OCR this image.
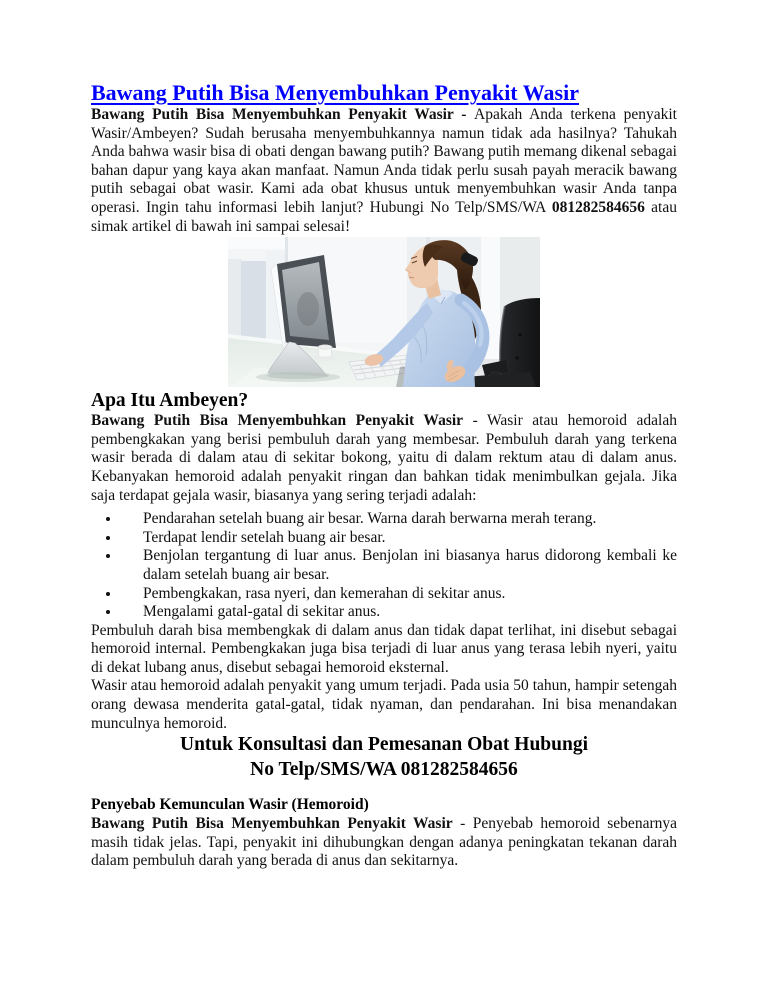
Bawang Putih Bisa Menyembuhkan Penyakit Wasir

Bawang Putih Bisa Menyembuhkan Penyakit Wasir - Apakah Anda terkena penyakit Wasir/Ambeyen? Sudah berusaha menyembuhkannya namun tidak ada hasilnya? Tahukah Anda bahwa wasir bisa di obati dengan bawang putih? Bawang putih memang dikenal sebagai bahan dapur yang kaya akan manfaat. Namun Anda tidak perlu susah payah meracik bawang putih sebagai obat wasir. Kami ada obat khusus untuk menyembuhkan wasir Anda tanpa operasi. Ingin tahu informasi lebih lanjut? Hubungi No Telp/SMS/WA 081282584656 atau simak artikel di bawah ini sampai selesai!

Apa Itu Ambeyen?

Bawang Putih Bisa Menyembuhkan Penyakit Wasir - Wasir atau hemoroid adalah pembengkakan yang berisi pembuluh darah yang membesar. Pembuluh darah yang terkena wasir berada di dalam atau di sekitar bokong, yaitu di dalam rektum atau di dalam anus. Kebanyakan hemoroid adalah penyakit ringan dan bahkan tidak menimbulkan gejala. Jika saja terdapat gejala wasir, biasanya yang sering terjadi adalah:

• Pendarahan setelah buang air besar. Warna darah berwarna merah terang.
• Terdapat lendir setelah buang air besar.
• Benjolan tergantung di luar anus. Benjolan ini biasanya harus didorong kembali ke dalam setelah buang air besar.
• Pembengkakan, rasa nyeri, dan kemerahan di sekitar anus.
• Mengalami gatal-gatal di sekitar anus.

Pembuluh darah bisa membengkak di dalam anus dan tidak dapat terlihat, ini disebut sebagai hemoroid internal. Pembengkakan juga bisa terjadi di luar anus yang terasa lebih nyeri, yaitu di dekat lubang anus, disebut sebagai hemoroid eksternal.

Wasir atau hemoroid adalah penyakit yang umum terjadi. Pada usia 50 tahun, hampir setengah orang dewasa menderita gatal-gatal, tidak nyaman, dan pendarahan. Ini bisa menandakan munculnya hemoroid.

Untuk Konsultasi dan Pemesanan Obat Hubungi

No Telp/SMS/WA 081282584656

Penyebab Kemunculan Wasir (Hemoroid)

Bawang Putih Bisa Menyembuhkan Penyakit Wasir - Penyebab hemoroid sebenarnya masih tidak jelas. Tapi, penyakit ini dihubungkan dengan adanya peningkatan tekanan darah dalam pembuluh darah yang berada di anus dan sekitarnya.
